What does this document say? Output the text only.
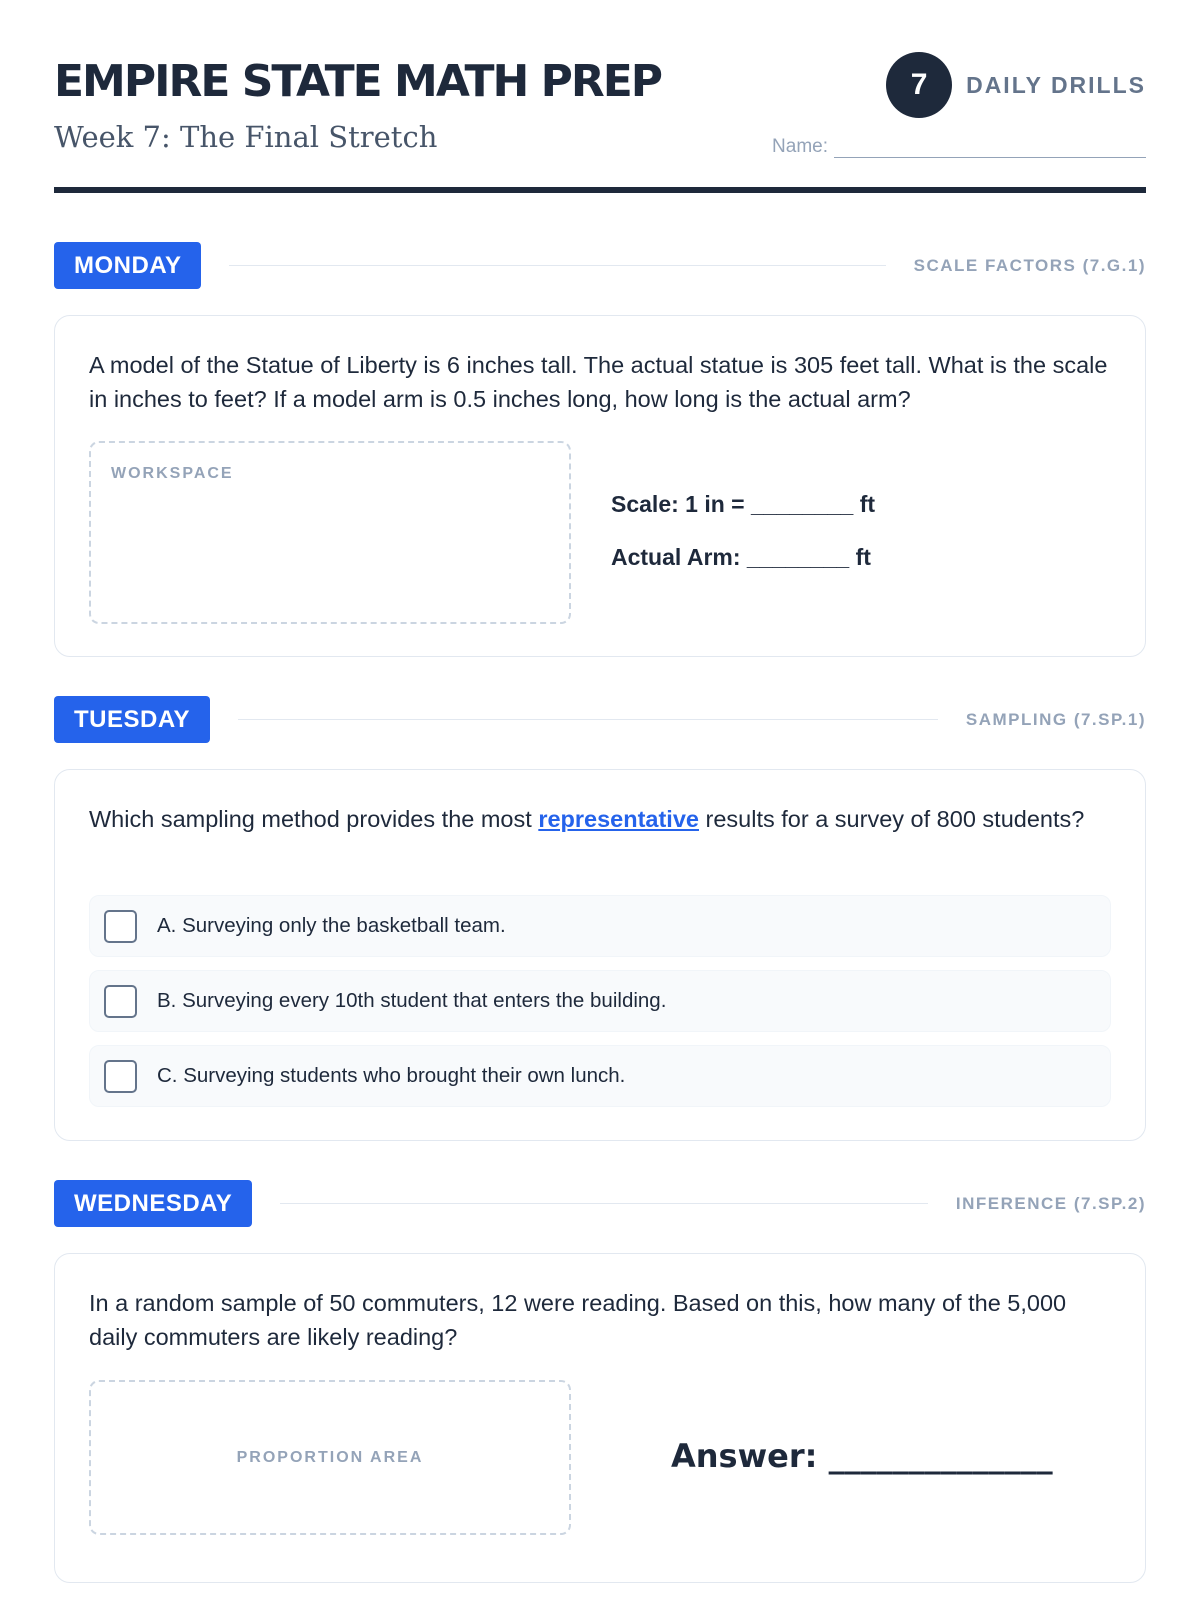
EMPIRE STATE MATH PREP
Week 7: The Final Stretch
7	DAILY DRILLS
Name:
MONDAY	SCALE FACTORS (7.G.1)
A model of the Statue of Liberty is 6 inches tall. The actual statue is 305 feet tall. What is the scale in inches to feet? If a model arm is 0.5 inches long, how long is the actual arm?
WORKSPACE
Scale: 1 in = ________ ft
Actual Arm: ________ ft
TUESDAY	SAMPLING (7.SP.1)
Which sampling method provides the most representative results for a survey of 800 students?
A. Surveying only the basketball team.
B. Surveying every 10th student that enters the building.
C. Surveying students who brought their own lunch.
WEDNESDAY	INFERENCE (7.SP.2)
In a random sample of 50 commuters, 12 were reading. Based on this, how many of the 5,000 daily commuters are likely reading?
PROPORTION AREA	Answer: ______________
